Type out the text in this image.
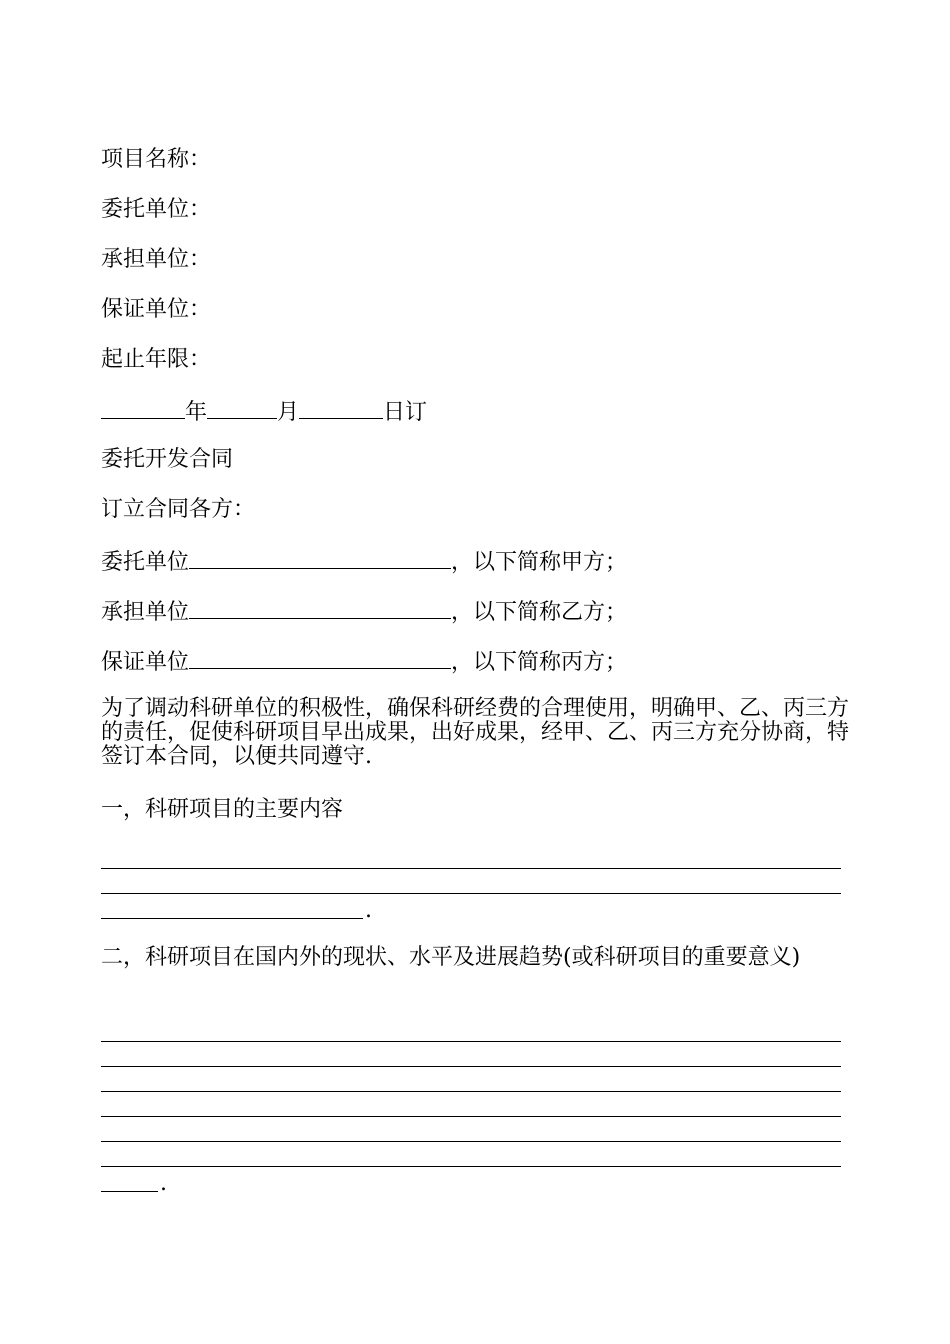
项目名称：
委托单位：
承担单位：
保证单位：
起止年限：
年	月	日订
委托开发合同
订立合同各方：
委托单位	，以下简称甲方；
承担单位	，以下简称乙方；
保证单位	，以下简称丙方；
为了调动科研单位的积极性，确保科研经费的合理使用，明确甲、乙、丙三方的责任，促使科研项目早出成果，出好成果，经甲、乙、丙三方充分协商，特签订本合同，以便共同遵守.
一，科研项目的主要内容
.
二，科研项目在国内外的现状、水平及进展趋势(或科研项目的重要意义)
.
